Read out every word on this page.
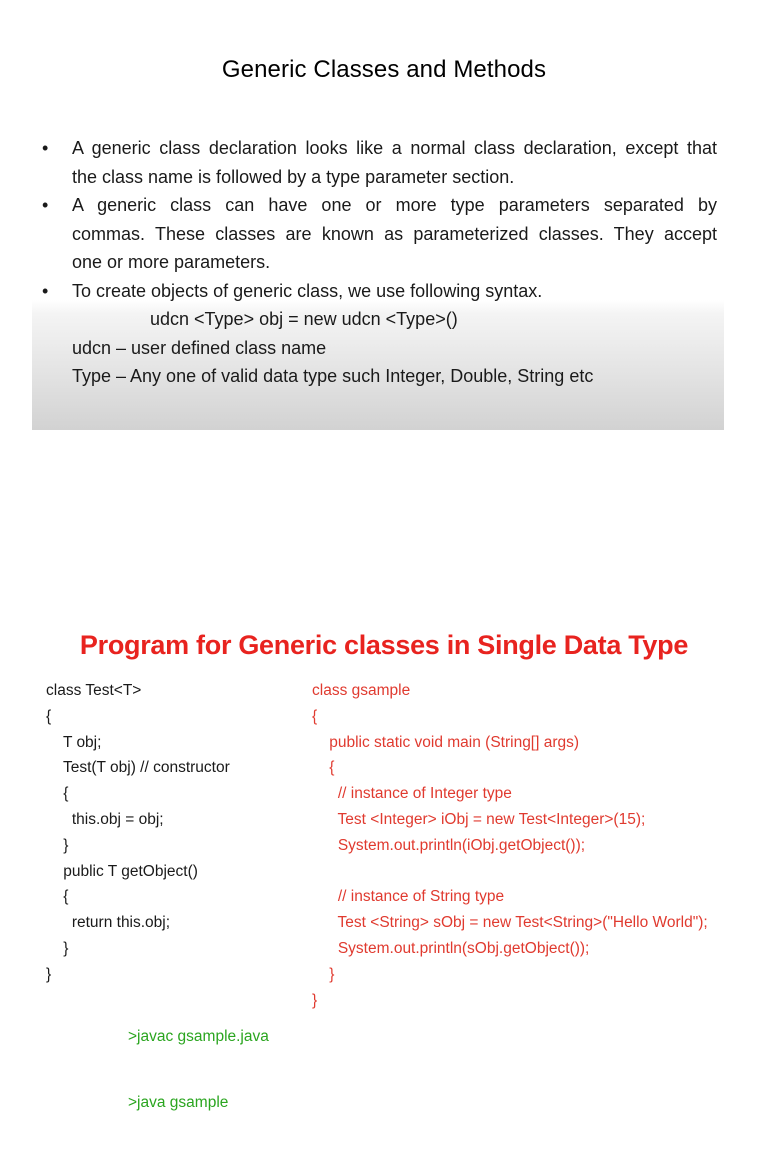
Generic Classes and Methods
• A generic class declaration looks like a normal class declaration, except that
the class name is followed by a type parameter section.
• A generic class can have one or more type parameters separated by
commas. These classes are known as parameterized classes. They accept
one or more parameters.
• To create objects of generic class, we use following syntax.
udcn <Type> obj = new udcn <Type>()
udcn – user defined class name
Type – Any one of valid data type such Integer, Double, String etc
Program for Generic classes in Single Data Type
class Test<T>
{
T obj;
Test(T obj) // constructor
{
this.obj = obj;
}
public T getObject()
{
return this.obj;
}
}
class gsample
{
public static void main (String[] args)
{
// instance of Integer type
Test <Integer> iObj = new Test<Integer>(15);
System.out.println(iObj.getObject());

// instance of String type
Test <String> sObj = new Test<String>("Hello World");
System.out.println(sObj.getObject());
}
}

>javac gsample.java

>java gsample
